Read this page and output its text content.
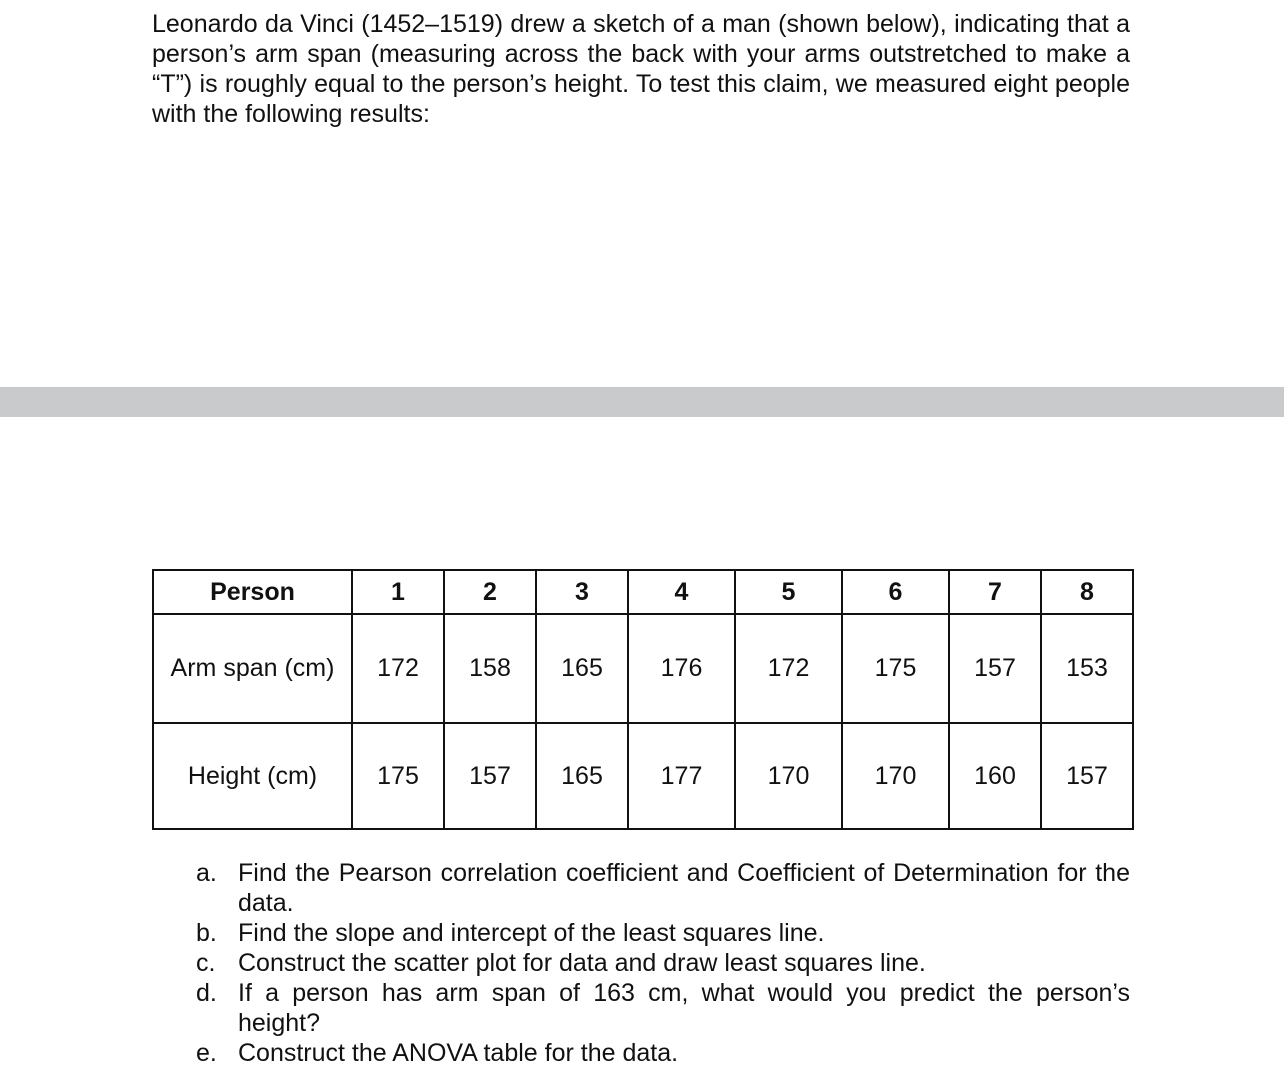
Leonardo da Vinci (1452–1519) drew a sketch of a man (shown below), indicating that a person’s arm span (measuring across the back with your arms outstretched to make a “T”) is roughly equal to the person’s height. To test this claim, we measured eight people with the following results:

Person	1	2	3	4	5	6	7	8
Arm span (cm)	172	158	165	176	172	175	157	153
Height (cm)	175	157	165	177	170	170	160	157
a. Find the Pearson correlation coefficient and Coefficient of Determination for the data.
b. Find the slope and intercept of the least squares line.
c. Construct the scatter plot for data and draw least squares line.
d. If a person has arm span of 163 cm, what would you predict the person’s height?
e. Construct the ANOVA table for the data.
